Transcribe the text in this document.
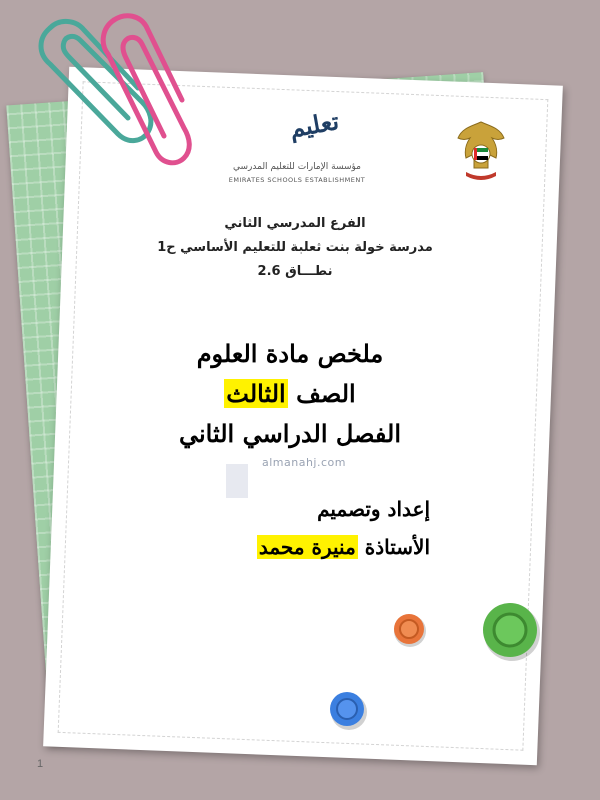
تعليم
مؤسسة الإمارات للتعليم المدرسي
EMIRATES SCHOOLS ESTABLISHMENT
الفرع المدرسي الثاني
مدرسة خولة بنت ثعلبة للتعليم الأساسي ح1
نطـــاق 2.6
ملخص مادة العلوم
الصف الثالث
الفصل الدراسي الثاني
almanahj.com
إعداد وتصميم
الأستاذة منيرة محمد
1
